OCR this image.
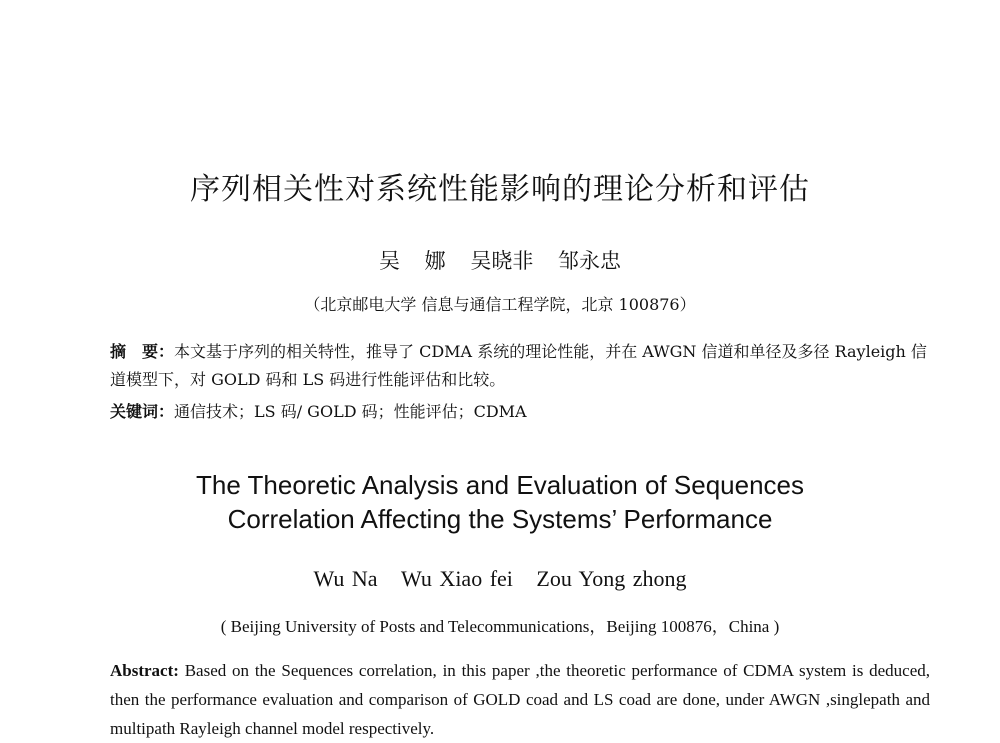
序列相关性对系统性能影响的理论分析和评估
吴 娜 吴晓非 邹永忠
（北京邮电大学 信息与通信工程学院，北京 100876）
摘　要：本文基于序列的相关特性，推导了 CDMA 系统的理论性能，并在 AWGN 信道和单径及多径 Rayleigh 信道模型下，对 GOLD 码和 LS 码进行性能评估和比较。
关键词：通信技术；LS 码/ GOLD 码；性能评估；CDMA
The Theoretic Analysis and Evaluation of Sequences
Correlation Affecting the Systems’ Performance
Wu Na Wu Xiao fei Zou Yong zhong
( Beijing University of Posts and Telecommunications，Beijing 100876，China )
Abstract: Based on the Sequences correlation, in this paper ,the theoretic performance of CDMA system is deduced, then the performance evaluation and comparison of GOLD coad and LS coad are done, under AWGN ,singlepath and multipath Rayleigh channel model respectively.
